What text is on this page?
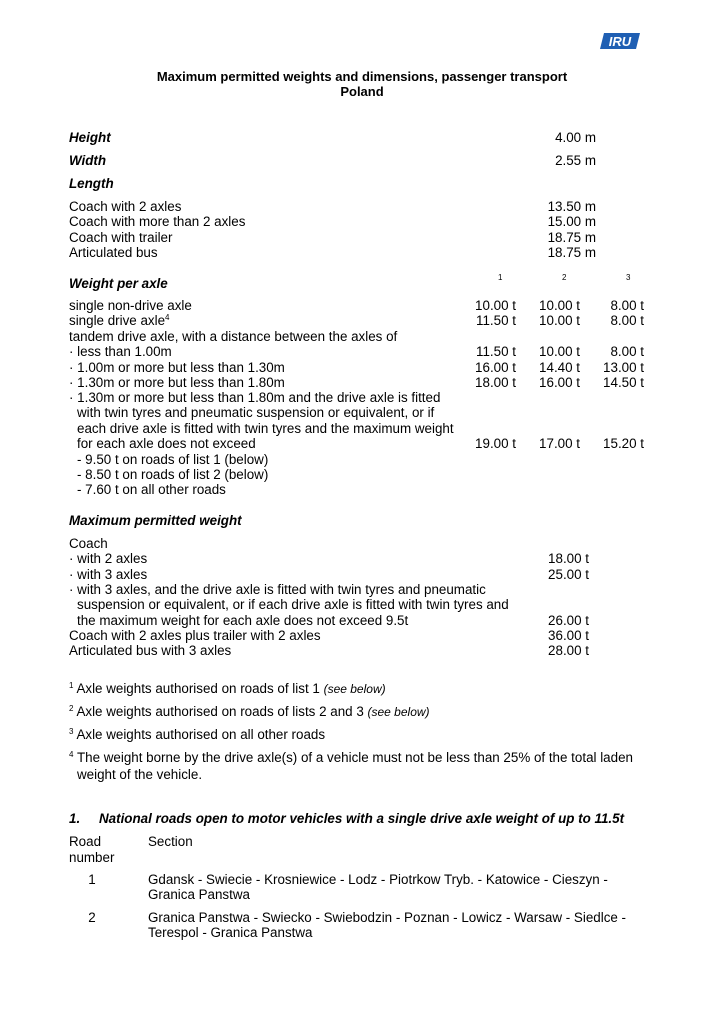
IRU
Maximum permitted weights and dimensions, passenger transport
Poland
Height	4.00 m
Width	2.55 m
Length
Coach with 2 axles	13.50 m
Coach with more than 2 axles	15.00 m
Coach with trailer	18.75 m
Articulated bus	18.75 m
Weight per axle	1	2	3
single non-drive axle	10.00 t 10.00 t 8.00 t
single drive axle$^4$	11.50 t 10.00 t 8.00 t
tandem drive axle, with a distance between the axles of
· less than 1.00m	11.50 t 10.00 t 8.00 t
· 1.00m or more but less than 1.30m	16.00 t 14.40 t 13.00 t
· 1.30m or more but less than 1.80m	18.00 t 16.00 t 14.50 t
· 1.30m or more but less than 1.80m and the drive axle is fitted
with twin tyres and pneumatic suspension or equivalent, or if
each drive axle is fitted with twin tyres and the maximum weight
for each axle does not exceed	19.00 t 17.00 t 15.20 t
- 9.50 t on roads of list 1 (below)
- 8.50 t on roads of list 2 (below)
- 7.60 t on all other roads
Maximum permitted weight
Coach
· with 2 axles	18.00 t
· with 3 axles	25.00 t
· with 3 axles, and the drive axle is fitted with twin tyres and pneumatic
suspension or equivalent, or if each drive axle is fitted with twin tyres and
the maximum weight for each axle does not exceed 9.5t	26.00 t
Coach with 2 axles plus trailer with 2 axles	36.00 t
Articulated bus with 3 axles	28.00 t
$^1$ Axle weights authorised on roads of list 1 (see below)
$^2$ Axle weights authorised on roads of lists 2 and 3 (see below)
$^3$ Axle weights authorised on all other roads
$^4$ The weight borne by the drive axle(s) of a vehicle must not be less than 25% of the total laden weight of the vehicle.
1. National roads open to motor vehicles with a single drive axle weight of up to 11.5t
Road
number
Section
1	Gdansk - Swiecie - Krosniewice - Lodz - Piotrkow Tryb. - Katowice - Cieszyn - Granica Panstwa
2	Granica Panstwa - Swiecko - Swiebodzin - Poznan - Lowicz - Warsaw - Siedlce - Terespol - Granica Panstwa
